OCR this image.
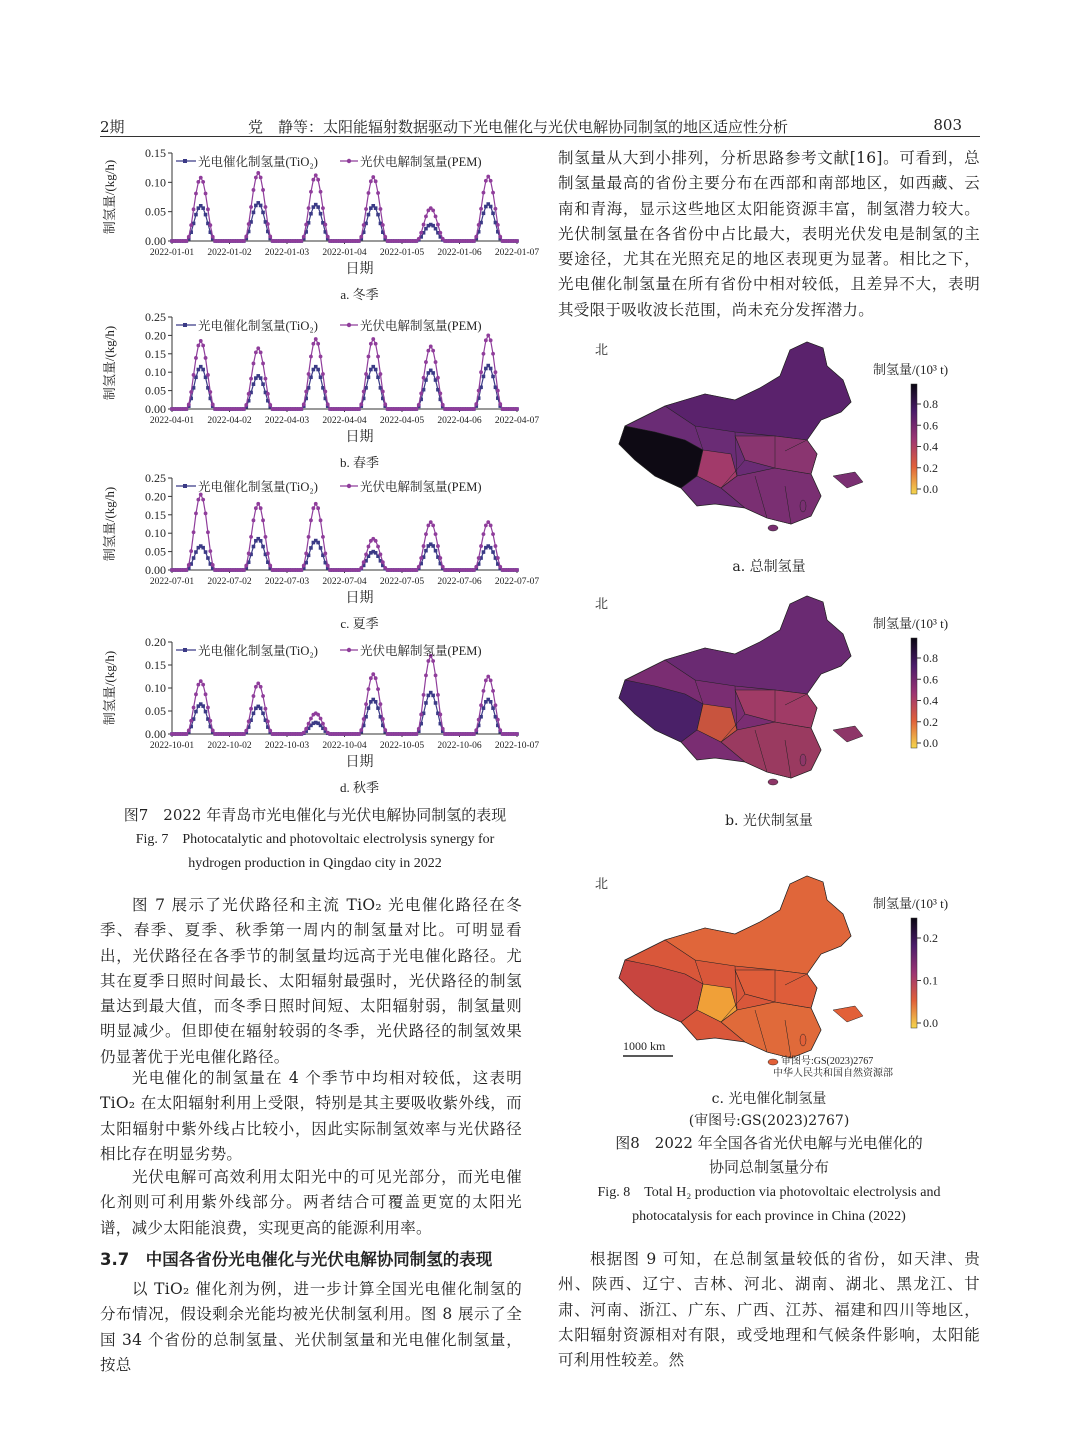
2期	党　静等：太阳能辐射数据驱动下光电催化与光伏电解协同制氢的地区适应性分析	803
0.00
0.05
0.10
0.15
制氢量/(kg/h)
2022-01-01 2022-01-02 2022-01-03 2022-01-04 2022-01-05 2022-01-06 2022-01-07
日期
a. 冬季
光电催化制氢量(TiO₂)	光伏电解制氢量(PEM)
0.00
0.05
0.10
0.15
0.20
0.25
制氢量/(kg/h)
2022-04-01 2022-04-02 2022-04-03 2022-04-04 2022-04-05 2022-04-06 2022-04-07
日期
b. 春季
光电催化制氢量(TiO₂)	光伏电解制氢量(PEM)
0.00
0.05
0.10
0.15
0.20
0.25
制氢量/(kg/h)
2022-07-01 2022-07-02 2022-07-03 2022-07-04 2022-07-05 2022-07-06 2022-07-07
日期
c. 夏季
光电催化制氢量(TiO₂)	光伏电解制氢量(PEM)
0.00
0.05
0.10
0.15
0.20
制氢量/(kg/h)
2022-10-01 2022-10-02 2022-10-03 2022-10-04 2022-10-05 2022-10-06 2022-10-07
日期
d. 秋季
光电催化制氢量(TiO₂)	光伏电解制氢量(PEM)
图7　2022 年青岛市光电催化与光伏电解协同制氢的表现
Fig. 7　Photocatalytic and photovoltaic electrolysis synergy for
hydrogen production in Qingdao city in 2022
图 7 展示了光伏路径和主流 TiO₂ 光电催化路径在冬季、春季、夏季、秋季第一周内的制氢量对比。可明显看出，光伏路径在各季节的制氢量均远高于光电催化路径。尤其在夏季日照时间最长、太阳辐射最强时，光伏路径的制氢量达到最大值，而冬季日照时间短、太阳辐射弱，制氢量则明显减少。但即使在辐射较弱的冬季，光伏路径的制氢效果仍显著优于光电催化路径。
光电催化的制氢量在 4 个季节中均相对较低，这表明 TiO₂ 在太阳辐射利用上受限，特别是其主要吸收紫外线，而太阳辐射中紫外线占比较小，因此实际制氢效率与光伏路径相比存在明显劣势。
光伏电解可高效利用太阳光中的可见光部分，而光电催化剂则可利用紫外线部分。两者结合可覆盖更宽的太阳光谱，减少太阳能浪费，实现更高的能源利用率。
3.7　中国各省份光电催化与光伏电解协同制氢的表现
以 TiO₂ 催化剂为例，进一步计算全国光电催化制氢的分布情况，假设剩余光能均被光伏制氢利用。图 8 展示了全国 34 个省份的总制氢量、光伏制氢量和光电催化制氢量，按总
制氢量从大到小排列，分析思路参考文献[16]。可看到，总制氢量最高的省份主要分布在西部和南部地区，如西藏、云南和青海，显示这些地区太阳能资源丰富，制氢潜力较大。光伏制氢量在各省份中占比最大，表明光伏发电是制氢的主要途径，尤其在光照充足的地区表现更为显著。相比之下，光电催化制氢量在所有省份中相对较低，且差异不大，表明其受限于吸收波长范围，尚未充分发挥潜力。
北
制氢量/(10³ t)
0.8
0.6
0.4
0.2
0.0
a. 总制氢量
北
制氢量/(10³ t)
0.8
0.6
0.4
0.2
0.0
b. 光伏制氢量
北
制氢量/(10³ t)
0.2
0.1
0.0
1000 km
审图号:GS(2023)2767
中华人民共和国自然资源部
c. 光电催化制氢量
(审图号:GS(2023)2767)
图8　2022 年全国各省光伏电解与光电催化的
协同总制氢量分布
Fig. 8　Total H₂ production via photovoltaic electrolysis and
photocatalysis for each province in China (2022)
根据图 9 可知，在总制氢量较低的省份，如天津、贵州、陕西、辽宁、吉林、河北、湖南、湖北、黑龙江、甘肃、河南、浙江、广东、广西、江苏、福建和四川等地区，太阳辐射资源相对有限，或受地理和气候条件影响，太阳能可利用性较差。然
